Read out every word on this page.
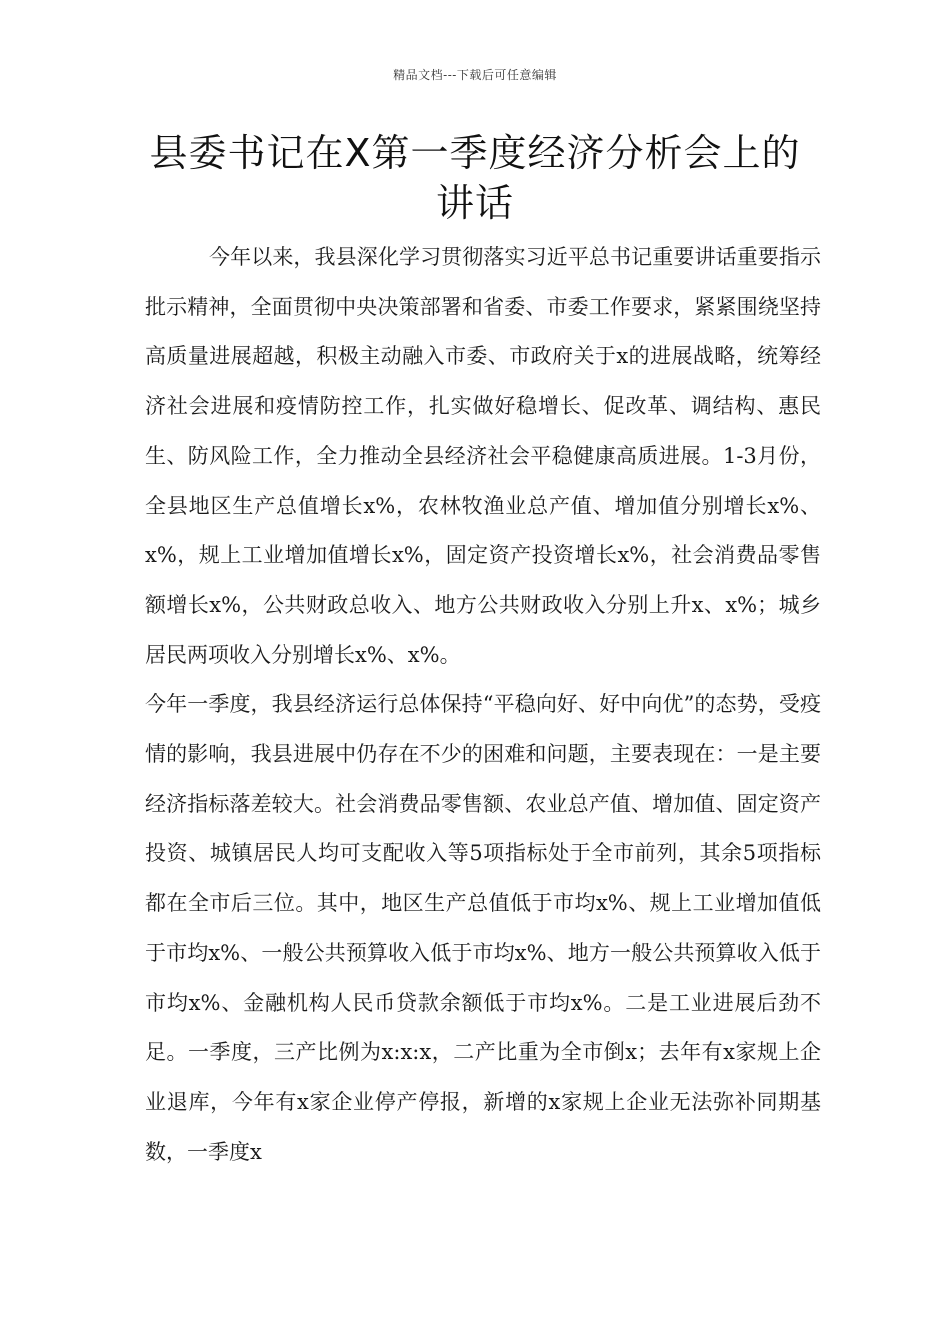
精品文档---下载后可任意编辑
县委书记在X第一季度经济分析会上的讲话

今年以来，我县深化学习贯彻落实习近平总书记重要讲话重要指示批示精神，全面贯彻中央决策部署和省委、市委工作要求，紧紧围绕坚持高质量进展超越，积极主动融入市委、市政府关于x的进展战略，统筹经济社会进展和疫情防控工作，扎实做好稳增长、促改革、调结构、惠民生、防风险工作，全力推动全县经济社会平稳健康高质进展。1-3月份，全县地区生产总值增长x%，农林牧渔业总产值、增加值分别增长x%、x%，规上工业增加值增长x%，固定资产投资增长x%，社会消费品零售额增长x%，公共财政总收入、地方公共财政收入分别上升x、x%；城乡居民两项收入分别增长x%、x%。

今年一季度，我县经济运行总体保持“平稳向好、好中向优”的态势，受疫情的影响，我县进展中仍存在不少的困难和问题，主要表现在：一是主要经济指标落差较大。社会消费品零售额、农业总产值、增加值、固定资产投资、城镇居民人均可支配收入等5项指标处于全市前列，其余5项指标都在全市后三位。其中，地区生产总值低于市均x%、规上工业增加值低于市均x%、一般公共预算收入低于市均x%、地方一般公共预算收入低于市均x%、金融机构人民币贷款余额低于市均x%。二是工业进展后劲不足。一季度，三产比例为x:x:x，二产比重为全市倒x；去年有x家规上企业退库，今年有x家企业停产停报，新增的x家规上企业无法弥补同期基数，一季度x
